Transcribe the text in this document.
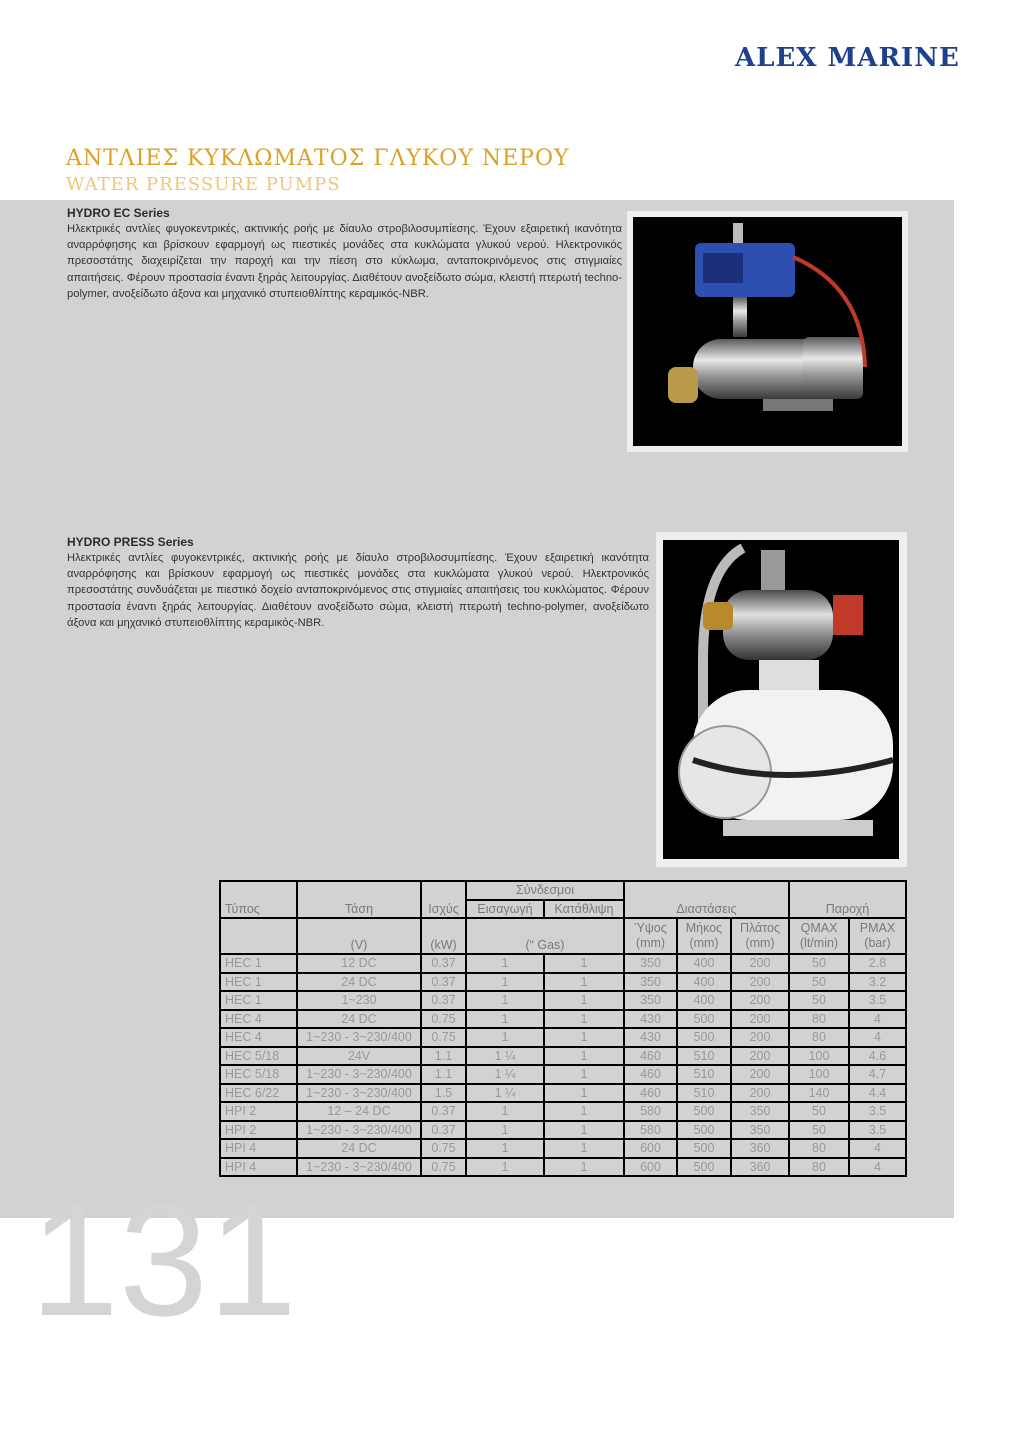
ALEX MARINE
ΑΝΤΛΙΕΣ ΚΥΚΛΩΜΑΤΟΣ ΓΛΥΚΟΥ ΝΕΡΟΥ
WATER PRESSURE PUMPS
HYDRO EC Series
Ηλεκτρικές αντλίες φυγοκεντρικές, ακτινικής ροής με δίαυλο στροβιλοσυμπίεσης. Έχουν εξαιρετική ικανότητα αναρρόφησης και βρίσκουν εφαρμογή ως πιεστικές μονάδες στα κυκλώματα γλυκού νερού. Ηλεκτρονικός πρεσοστάτης διαχειρίζεται την παροχή και την πίεση στο κύκλωμα, ανταποκρινόμενος στις στιγμιαίες απαιτήσεις. Φέρουν προστασία έναντι ξηράς λειτουργίας. Διαθέτουν ανοξείδωτο σώμα, κλειστή πτερωτή techno-polymer, ανοξείδωτο άξονα και μηχανικό στυπειοθλίπτης κεραμικός-NBR.
HYDRO PRESS Series
Ηλεκτρικές αντλίες φυγοκεντρικές, ακτινικής ροής με δίαυλο στροβιλοσυμπίεσης. Έχουν εξαιρετική ικανότητα αναρρόφησης και βρίσκουν εφαρμογή ως πιεστικές μονάδες στα κυκλώματα γλυκού νερού. Ηλεκτρονικός πρεσοστάτης συνδυάζεται με πιεστικό δοχείο ανταποκρινόμενος στις στιγμιαίες απαιτήσεις του κυκλώματος. Φέρουν προστασία έναντι ξηράς λειτουργίας. Διαθέτουν ανοξείδωτο σώμα, κλειστή πτερωτή techno-polymer, ανοξείδωτο άξονα και μηχανικό στυπειοθλίπτης κεραμικός-NBR.
Τύπος	Τάση	Ισχύς	Σύνδεσμοι		Διαστάσεις			Παροχή	
			Εισαγωγή	Κατάθλιψη					
	(V)	(kW)	(“ Gas)		Ύψος (mm)	Μήκος (mm)	Πλάτος (mm)	QMAX (lt/min)	PMAX (bar)
HEC 1	12 DC	0.37	1	1	350	400	200	50	2.8
HEC 1	24 DC	0.37	1	1	350	400	200	50	3.2
HEC 1	1~230	0.37	1	1	350	400	200	50	3.5
HEC 4	24 DC	0.75	1	1	430	500	200	80	4
HEC 4	1~230 - 3~230/400	0.75	1	1	430	500	200	80	4
HEC 5/18	24V	1.1	1 ¼	1	460	510	200	100	4.6
HEC 5/18	1~230 - 3~230/400	1.1	1 ¼	1	460	510	200	100	4.7
HEC 6/22	1~230 - 3~230/400	1.5	1 ¼	1	460	510	200	140	4.4
HPI 2	12 – 24 DC	0.37	1	1	580	500	350	50	3.5
HPI 2	1~230 - 3~230/400	0.37	1	1	580	500	350	50	3.5
HPI 4	24 DC	0.75	1	1	600	500	360	80	4
HPI 4	1~230 - 3~230/400	0.75	1	1	600	500	360	80	4
131
